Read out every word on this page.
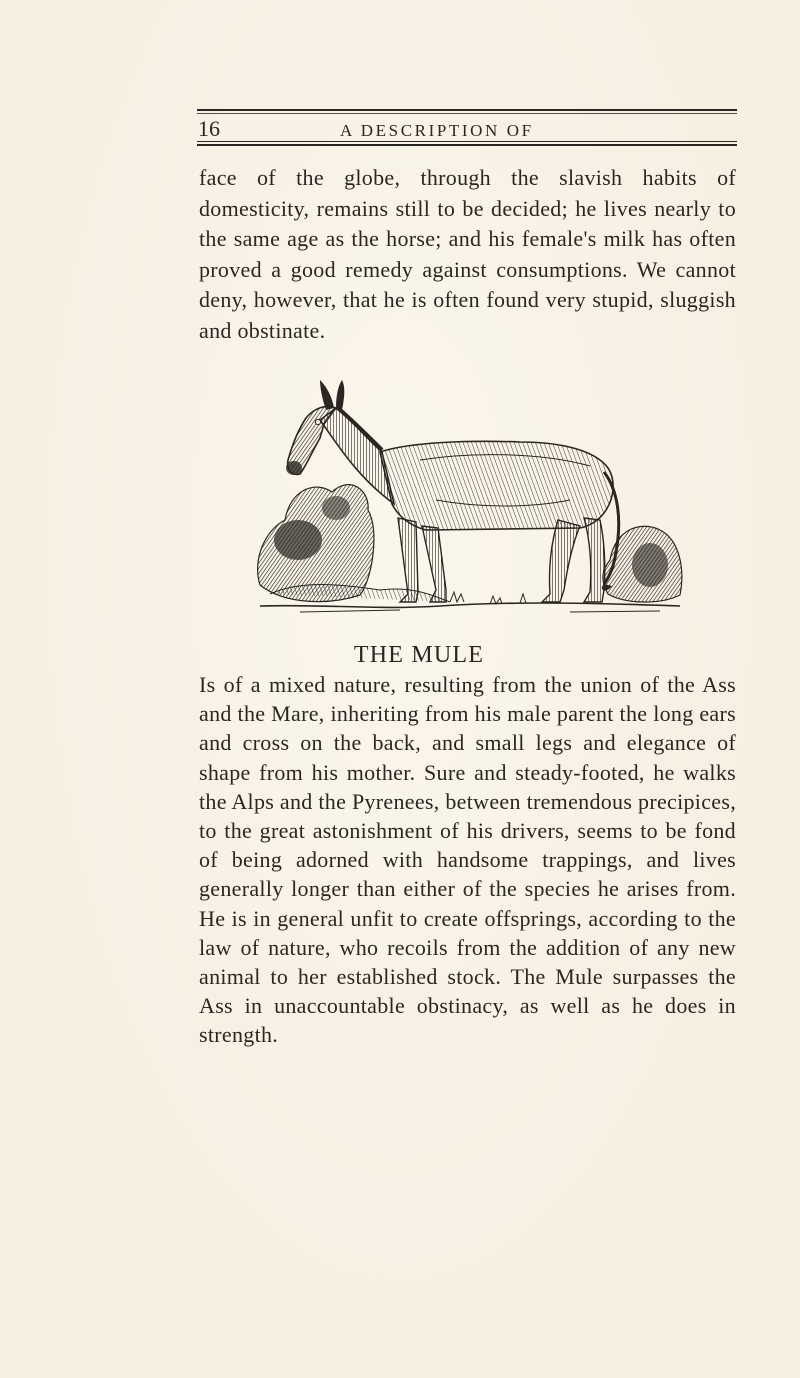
16	A DESCRIPTION OF
face of the globe, through the slavish habits of domesticity, remains still to be decided; he lives nearly to the same age as the horse; and his female's milk has often proved a good remedy against consumptions. We cannot deny, however, that he is often found very stupid, sluggish and obstinate.
THE MULE
Is of a mixed nature, resulting from the union of the Ass and the Mare, inheriting from his male parent the long ears and cross on the back, and small legs and elegance of shape from his mother. Sure and steady-footed, he walks the Alps and the Pyrenees, between tremendous precipices, to the great astonishment of his drivers, seems to be fond of being adorned with handsome trappings, and lives generally longer than either of the species he arises from. He is in general unfit to create offsprings, according to the law of nature, who recoils from the addition of any new animal to her established stock. The Mule surpasses the Ass in unaccountable obstinacy, as well as he does in strength.
